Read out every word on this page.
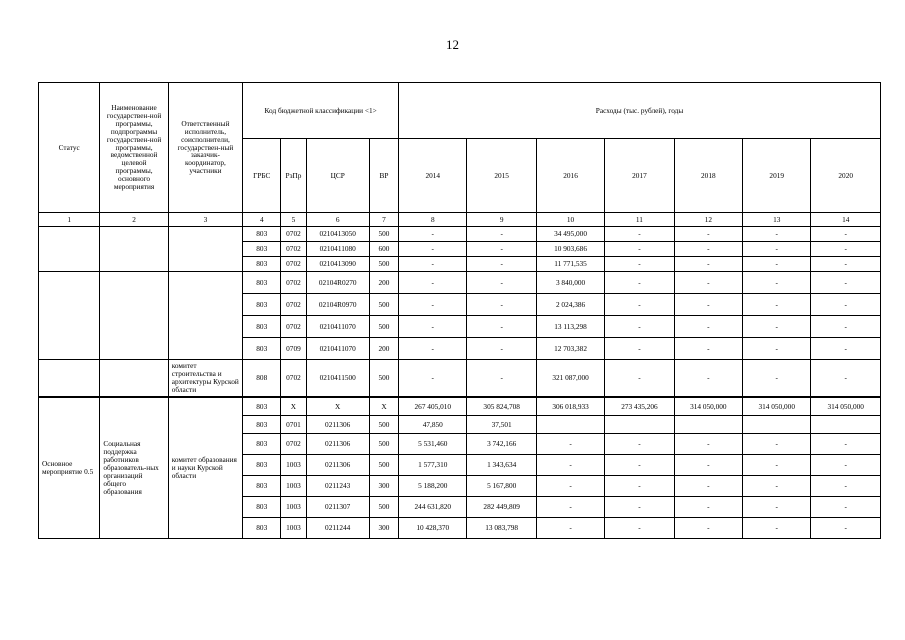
12
Статус	Наименование государствен-ной программы, подпрограммы государствен-ной программы, ведомственной целевой программы, основного мероприятия	Ответственный исполнитель, соисполнители, государствен-ный заказчик-координатор, участники	Код бюджетной классификации <1>				Расходы (тыс. рублей), годы						
			ГРБС	РзПр	ЦСР	ВР	2014	2015	2016	2017	2018	2019	2020
1	2	3	4	5	6	7	8	9	10	11	12	13	14
			803	0702	0210413050	500	-	-	34 495,000	-	-	-	-
			803	0702	0210411080	600	-	-	10 903,686	-	-	-	-
			803	0702	0210413090	500	-	-	11 771,535	-	-	-	-
			803	0702	02104R0270	200	-	-	3 840,000	-	-	-	-
			803	0702	02104R0970	500	-	-	2 024,386	-	-	-	-
			803	0702	0210411070	500	-	-	13 113,298	-	-	-	-
			803	0709	0210411070	200	-	-	12 703,382	-	-	-	-
		комитет строительства и архитектуры Курской области	808	0702	0210411500	500	-	-	321 087,000	-	-	-	-
Основное мероприятие 0.5	Социальная поддержка работников образователь-ных организаций общего образования	комитет образования и науки Курской области	803	X	X	X	267 405,010	305 824,708	306 018,933	273 435,206	314 050,000	314 050,000	314 050,000
			803	0701	0211306	500	47,850	37,501					
			803	0702	0211306	500	5 531,460	3 742,166	-	-	-	-	-
			803	1003	0211306	500	1 577,310	1 343,634	-	-	-	-	-
			803	1003	0211243	300	5 188,200	5 167,800	-	-	-	-	-
			803	1003	0211307	500	244 631,820	282 449,809	-	-	-	-	-
			803	1003	0211244	300	10 428,370	13 083,798	-	-	-	-	-
